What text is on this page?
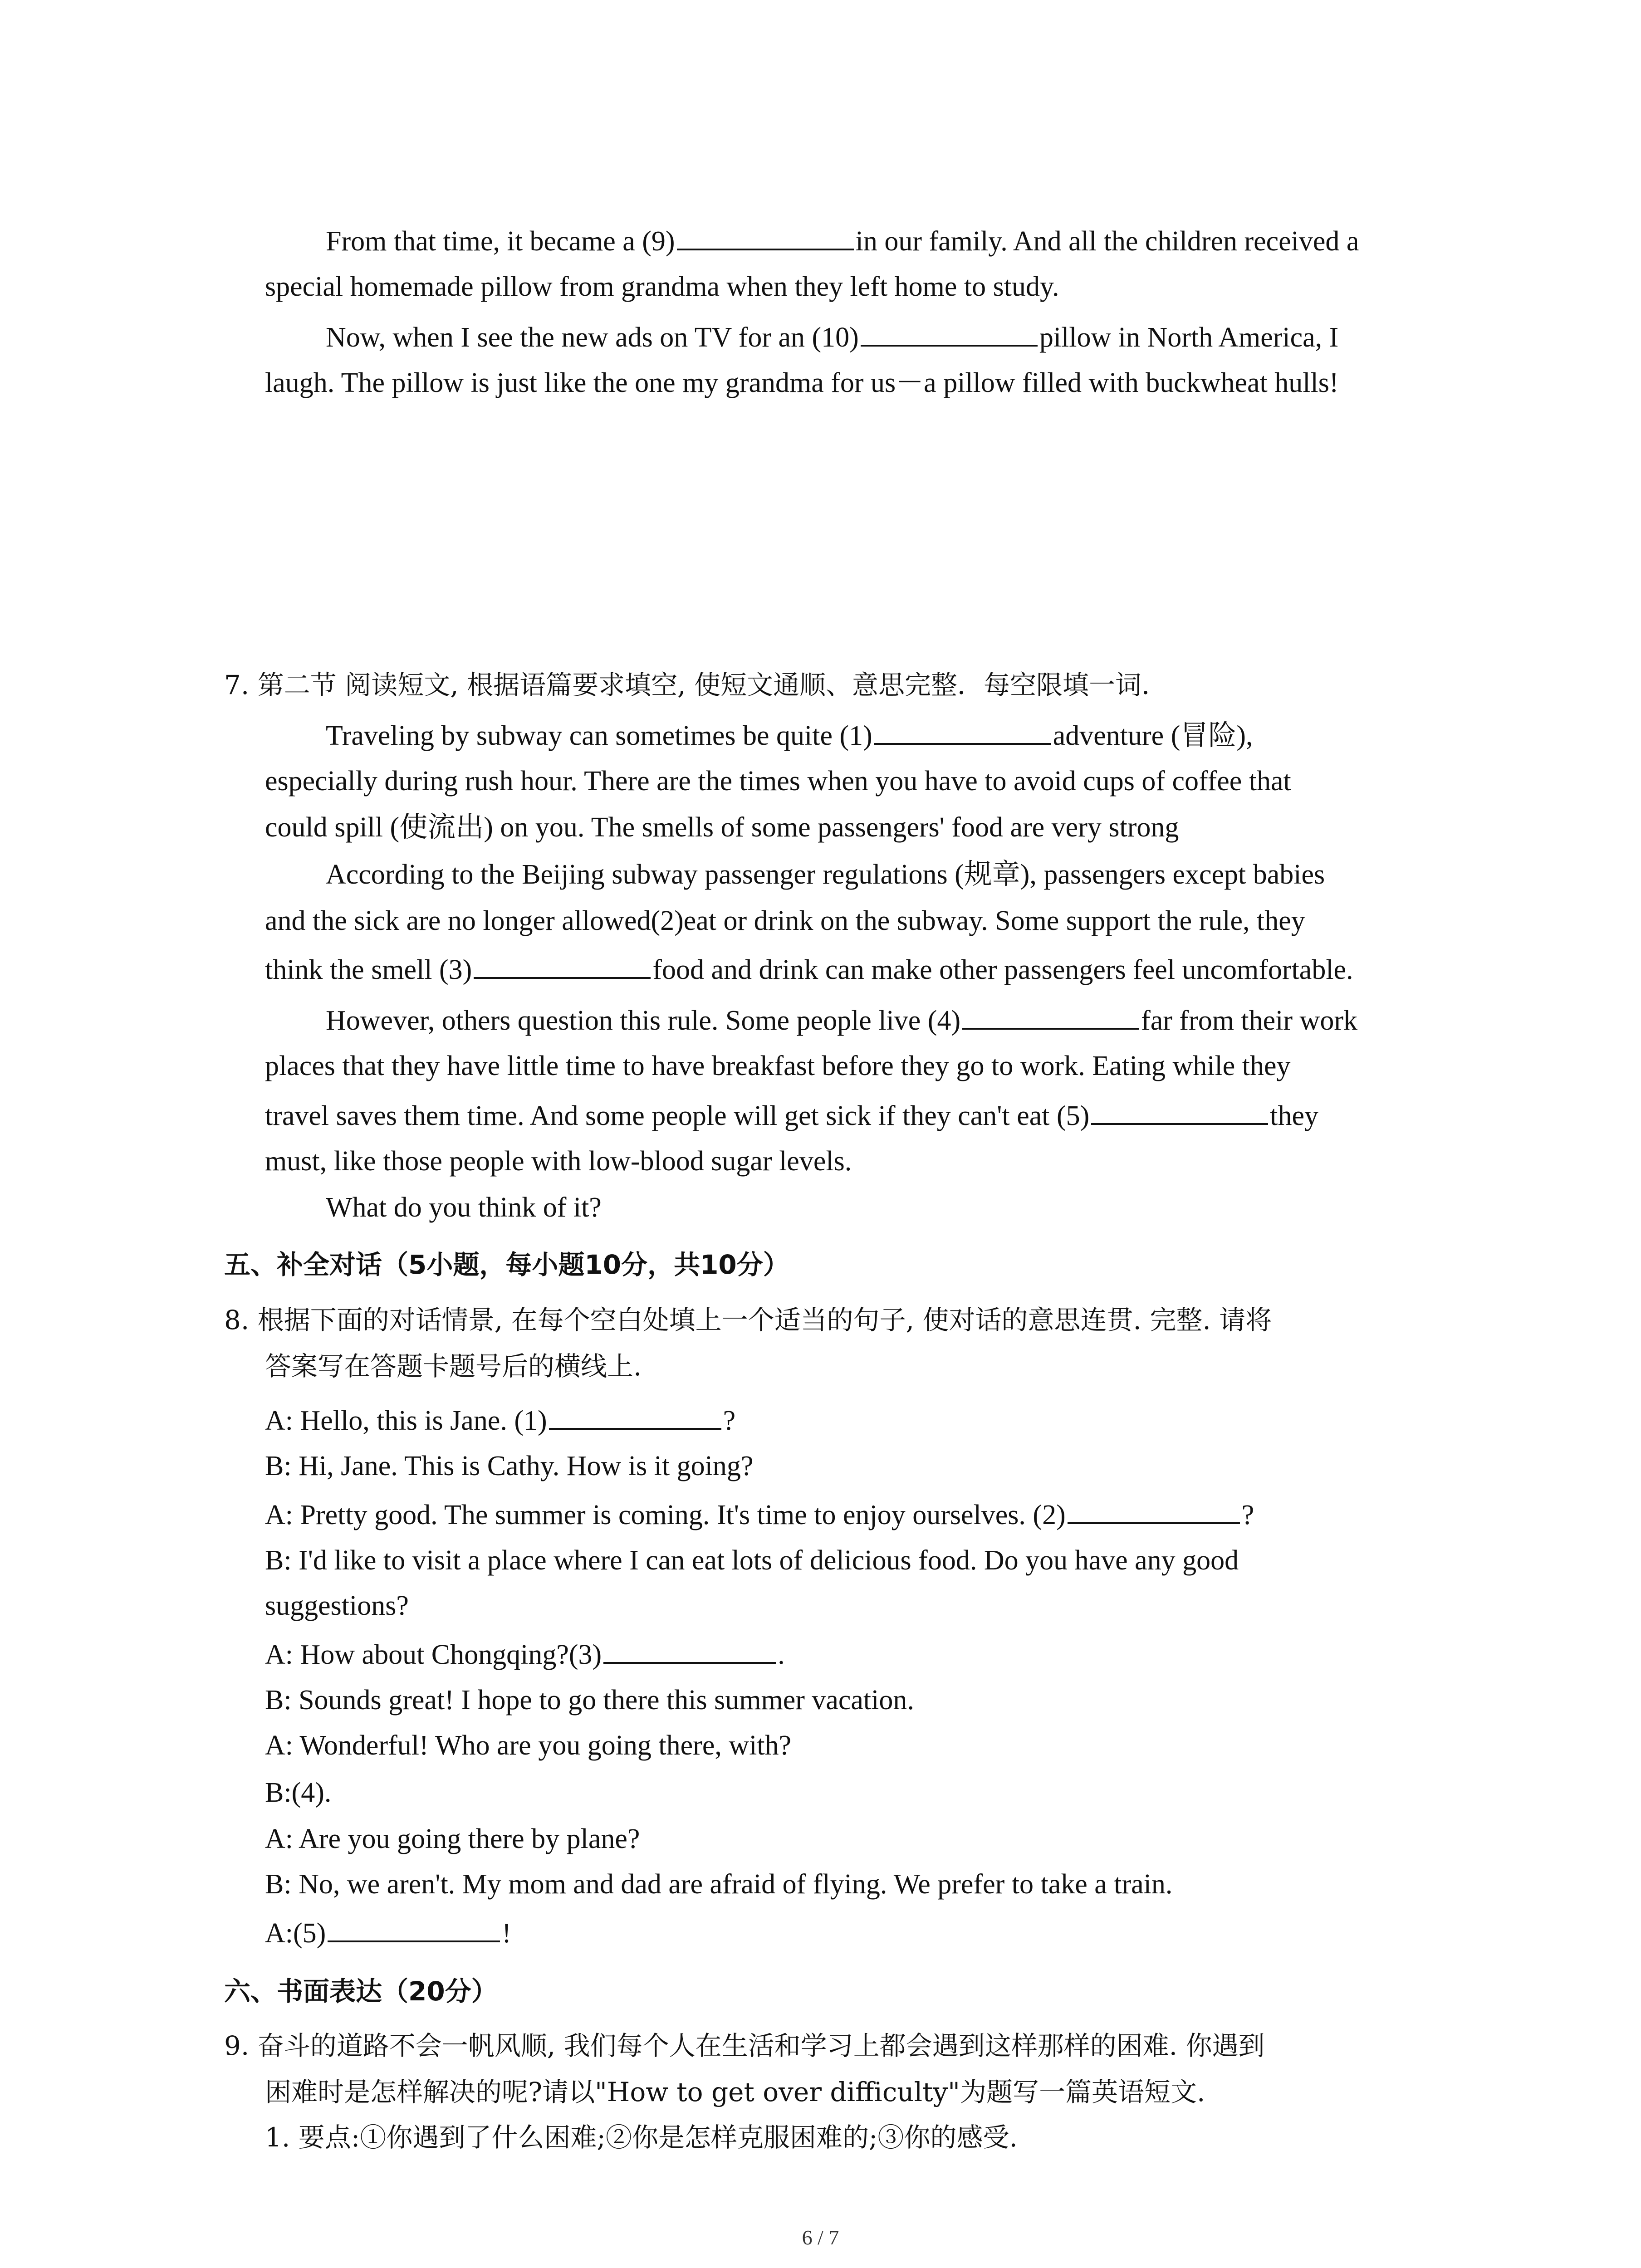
From that time, it became a (9)	in our family. And all the children received a
special homemade pillow from grandma when they left home to study.
Now, when I see the new ads on TV for an (10)	pillow in North America, I
laugh. The pillow is just like the one my grandma for us－a pillow filled with buckwheat hulls!
7. 第二节 阅读短文, 根据语篇要求填空, 使短文通顺、意思完整．每空限填一词．
Traveling by subway can sometimes be quite (1)	adventure (冒险),
especially during rush hour. There are the times when you have to avoid cups of coffee that
could spill (使流出) on you. The smells of some passengers' food are very strong
According to the Beijing subway passenger regulations (规章), passengers except babies
and the sick are no longer allowed(2)eat or drink on the subway. Some support the rule, they
think the smell (3)	food and drink can make other passengers feel uncomfortable.
However, others question this rule. Some people live (4)	far from their work
places that they have little time to have breakfast before they go to work. Eating while they
travel saves them time. And some people will get sick if they can't eat (5)	they
must, like those people with low-blood sugar levels.
What do you think of it?
五、补全对话（5小题，每小题10分，共10分）
8. 根据下面的对话情景, 在每个空白处填上一个适当的句子, 使对话的意思连贯. 完整. 请将
答案写在答题卡题号后的横线上.
A: Hello, this is Jane. (1)	?
B: Hi, Jane. This is Cathy. How is it going?
A: Pretty good. The summer is coming. It's time to enjoy ourselves. (2)	?
B: I'd like to visit a place where I can eat lots of delicious food. Do you have any good
suggestions?
A: How about Chongqing?(3)	.
B: Sounds great! I hope to go there this summer vacation.
A: Wonderful! Who are you going there, with?
B:(4).
A: Are you going there by plane?
B: No, we aren't. My mom and dad are afraid of flying. We prefer to take a train.
A:(5)	!
六、书面表达（20分）
9. 奋斗的道路不会一帆风顺, 我们每个人在生活和学习上都会遇到这样那样的困难. 你遇到
困难时是怎样解决的呢?请以"How to get over difficulty"为题写一篇英语短文.
1. 要点:①你遇到了什么困难;②你是怎样克服困难的;③你的感受.
6 / 7
